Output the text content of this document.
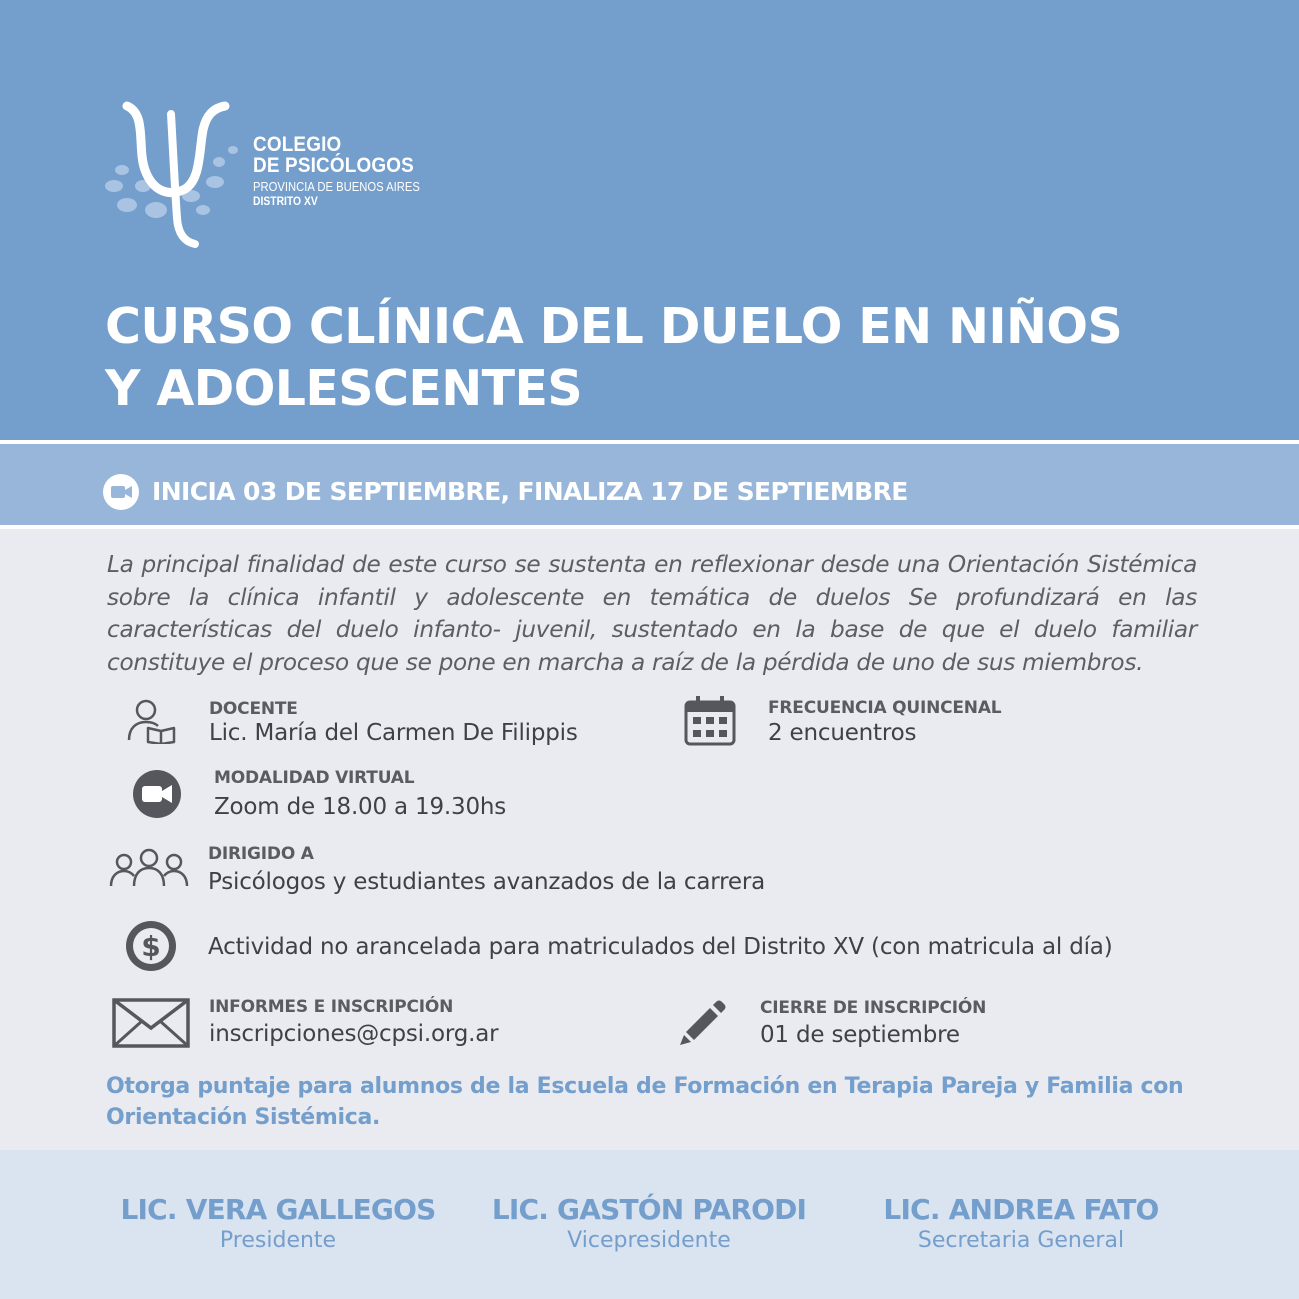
COLEGIO
DE PSICÓLOGOS
PROVINCIA DE BUENOS AIRES
DISTRITO XV
CURSO CLÍNICA DEL DUELO EN NIÑOS
Y ADOLESCENTES
INICIA 03 DE SEPTIEMBRE, FINALIZA 17 DE SEPTIEMBRE

La principal finalidad de este curso se sustenta en reflexionar desde una Orientación Sistémica sobre la clínica infantil y adolescente en temática de duelos Se profundizará en las características del duelo infanto- juvenil, sustentado en la base de que el duelo familiar constituye el proceso que se pone en marcha a raíz de la pérdida de uno de sus miembros.

DOCENTE
Lic. María del Carmen De Filippis
FRECUENCIA QUINCENAL
2 encuentros
MODALIDAD VIRTUAL
Zoom de 18.00 a 19.30hs
DIRIGIDO A
Psicólogos y estudiantes avanzados de la carrera
$ Actividad no arancelada para matriculados del Distrito XV (con matricula al día)
INFORMES E INSCRIPCIÓN
inscripciones@cpsi.org.ar
CIERRE DE INSCRIPCIÓN
01 de septiembre

Otorga puntaje para alumnos de la Escuela de Formación en Terapia Pareja y Familia con Orientación Sistémica.

LIC. VERA GALLEGOS
Presidente
LIC. GASTÓN PARODI
Vicepresidente
LIC. ANDREA FATO
Secretaria General
